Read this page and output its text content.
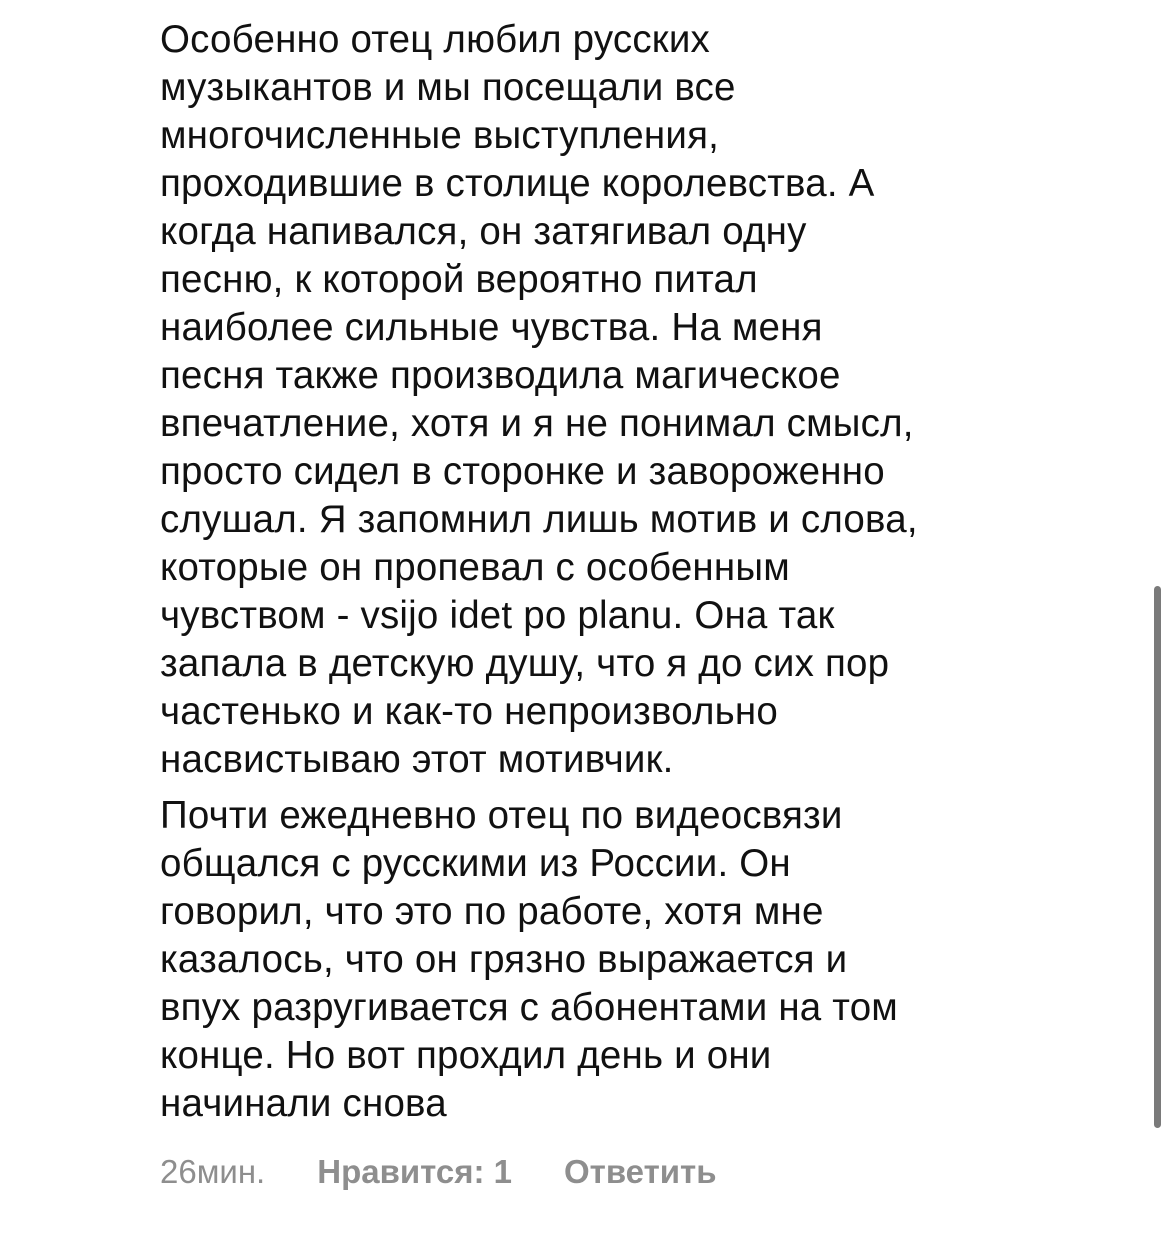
Особенно отец любил русских
музыкантов и мы посещали все
многочисленные выступления,
проходившие в столице королевства. А
когда напивался, он затягивал одну
песню, к которой вероятно питал
наиболее сильные чувства. На меня
песня также производила магическое
впечатление, хотя и я не понимал смысл,
просто сидел в сторонке и завороженно
слушал. Я запомнил лишь мотив и слова,
которые он пропевал с особенным
чувством - vsijo idet po planu. Она так
запала в детскую душу, что я до сих пор
частенько и как-то непроизвольно
насвистываю этот мотивчик.

Почти ежедневно отец по видеосвязи
общался с русскими из России. Он
говорил, что это по работе, хотя мне
казалось, что он грязно выражается и
впух разругивается с абонентами на том
конце. Но вот прохдил день и они
начинали снова

26мин. Нравится: 1 Ответить
